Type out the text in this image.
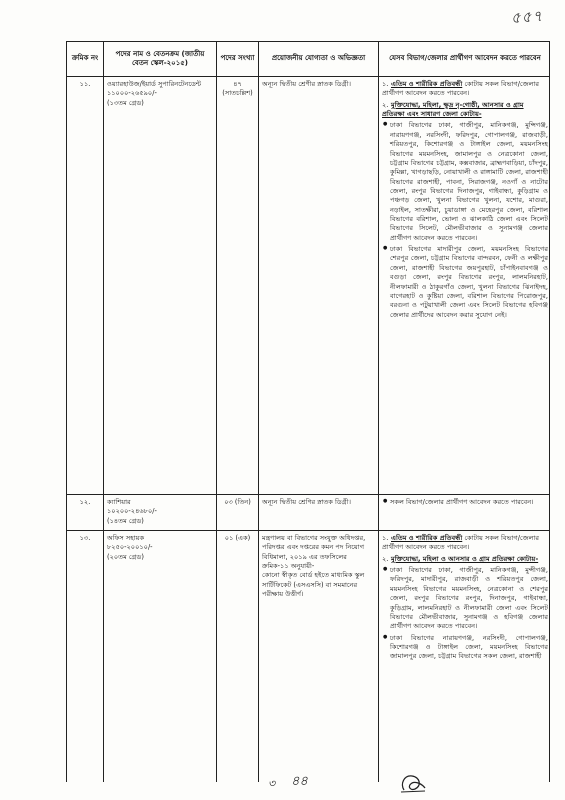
৫৫৭
ক্রমিক নং
পদের নাম ও বেতনক্রম (জাতীয় বেতন স্কেল-২০১৫)
পদের সংখ্যা	প্রয়োজনীয় যোগ্যতা ও অভিজ্ঞতা	যেসব বিভাগ/জেলার প্রার্থীগণ আবেদন করতে পারবেন
১১.	ওয়্যারহাউজ/ইয়ার্ড সুপারিনটেনডেন্ট
১১০০০-২৬৫৯০/-
(১৩তম গ্রেড)
৪৭ (সাতচল্লিশ)
অন্যূন দ্বিতীয় শ্রেণীর স্নাতক ডিগ্রী।	১. এতিম ও শারীরিক প্রতিবন্ধী কোটায় সকল বিভাগ/জেলার প্রার্থীগণ আবেদন করতে পারবেন।
২. মুক্তিযোদ্ধা, মহিলা, ক্ষুদ্র নৃ-গোষ্ঠী, আনসার ও গ্রাম প্রতিরক্ষা এবং সাধারণ জেলা কোটায়-
● ঢাকা বিভাগের ঢাকা, গাজীপুর, মানিকগঞ্জ, মুন্সিগঞ্জ, নারায়ণগঞ্জ, নরসিংদী, ফরিদপুর, গোপালগঞ্জ, রাজবাড়ী, শরিয়তপুর, কিশোরগঞ্জ ও টাঙ্গাইল জেলা, ময়মনসিংহ বিভাগের ময়মনসিংহ, জামালপুর ও নেত্রকোনা জেলা, চট্টগ্রাম বিভাগের চট্টগ্রাম, কক্সবাজার, ব্রাহ্মণবাড়িয়া, চাঁদপুর, কুমিল্লা, খাগড়াছড়ি, নোয়াখালী ও রাঙ্গামাটি জেলা, রাজশাহী বিভাগের রাজশাহী, পাবনা, সিরাজগঞ্জ, নওগাঁ ও নাটোর জেলা, রংপুর বিভাগের দিনাজপুর, গাইবান্ধা, কুড়িগ্রাম ও পঞ্চগড় জেলা, খুলনা বিভাগের খুলনা, যশোর, মাগুরা, নড়াইল, সাতক্ষীরা, চুয়াডাঙ্গা ও মেহেরপুর জেলা, বরিশাল বিভাগের বরিশাল, ভোলা ও ঝালকাঠি জেলা এবং সিলেট বিভাগের সিলেট, মৌলভীবাজার ও সুনামগঞ্জ জেলার প্রার্থীগণ আবেদন করতে পারবেন।
● ঢাকা বিভাগের মাদারীপুর জেলা, ময়মনসিংহ বিভাগের শেরপুর জেলা, চট্টগ্রাম বিভাগের বান্দরবন, ফেনী ও লক্ষীপুর জেলা, রাজশাহী বিভাগের জয়পুরহাট, চাঁপাইনবাবগঞ্জ ও বগুড়া জেলা, রংপুর বিভাগের রংপুর, লালমনিরহাট, নীলফামারী ও ঠাকুরগাঁও জেলা, খুলনা বিভাগের ঝিনাইদহ, বাগেরহাট ও কুষ্টিয়া জেলা, বরিশাল বিভাগের পিরোজপুর, বরগুনা ও পটুয়াখালী জেলা এবং সিলেট বিভাগের হবিগঞ্জ জেলার প্রার্থীদের আবেদন করার সুযোগ নেই।
১২.	ক্যাশিয়ার
১০২০০-২৪৬৮০/-
(১৪তম গ্রেড)
০৩ (তিন)	অন্যূন দ্বিতীয় শ্রেণির স্নাতক ডিগ্রী।
●	সকল বিভাগ/জেলার প্রার্থীগণ আবেদন করতে পারবেন।
১৩.	অফিস সহায়ক
৮২৫০-২০০১০/-
(২০তম গ্রেড)
০১ (এক)	মন্ত্রণালয় বা বিভাগের সংযুক্ত অধিদপ্তর, পরিদপ্তর এবং দপ্তরের কমন পদ নিয়োগ বিধিমালা, ২০১৯ এর তফসিলের ক্রমিক-১১ অনুযায়ী-
কোনো স্বীকৃত বোর্ড হইতে মাধ্যমিক স্কুল সার্টিফিকেট (এসএসসি) বা সমমানের পরীক্ষায় উত্তীর্ণ।
১. এতিম ও শারীরিক প্রতিবন্ধী কোটায় সকল বিভাগ/জেলার প্রার্থীগণ আবেদন করতে পারবেন।
২. মুক্তিযোদ্ধা, মহিলা ও আনসার ও গ্রাম প্রতিরক্ষা কোটায়-
● ঢাকা বিভাগের ঢাকা, গাজীপুর, মানিকগঞ্জ, মুন্সীগঞ্জ, ফরিদপুর, মাদারীপুর, রাজবাড়ী ও শরিয়তপুর জেলা, ময়মনসিংহ বিভাগের ময়মনসিংহ, নেত্রকোনা ও শেরপুর জেলা, রংপুর বিভাগের রংপুর, দিনাজপুর, গাইবান্ধা, কুড়িগ্রাম, লালমনিরহাট ও নীলফামারী জেলা এবং সিলেট বিভাগের মৌলভীবাজার, সুনামগঞ্জ ও হবিগঞ্জ জেলার প্রার্থীগণ আবেদন করতে পারবেন।
● ঢাকা বিভাগের নারায়ণগঞ্জ, নরসিংদী, গোপালগঞ্জ, কিশোরগঞ্জ ও টাঙ্গাইল জেলা, ময়মনসিংহ বিভাগের জামালপুর জেলা, চট্টগ্রাম বিভাগের সকল জেলা, রাজশাহী
৩ ৪৪
